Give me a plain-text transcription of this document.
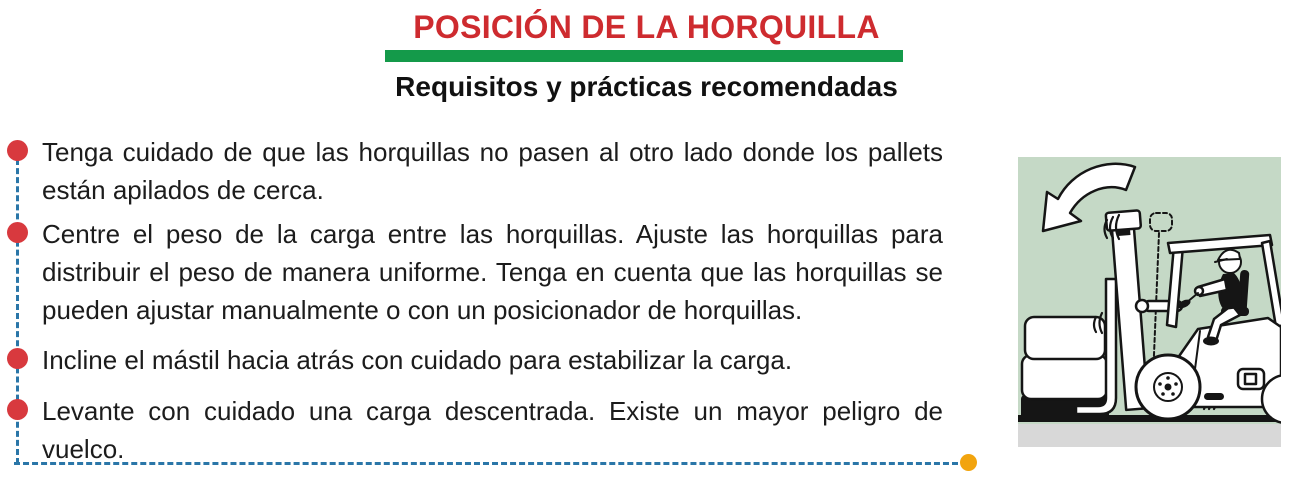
POSICIÓN DE LA HORQUILLA
Requisitos y prácticas recomendadas
Tenga cuidado de que las horquillas no pasen al otro lado donde los pallets están apilados de cerca.
Centre el peso de la carga entre las horquillas. Ajuste las horquillas para distribuir el peso de manera uniforme. Tenga en cuenta que las horquillas se pueden ajustar manualmente o con un posicionador de horquillas.
Incline el mástil hacia atrás con cuidado para estabilizar la carga.
Levante con cuidado una carga descentrada. Existe un mayor peligro de vuelco.
